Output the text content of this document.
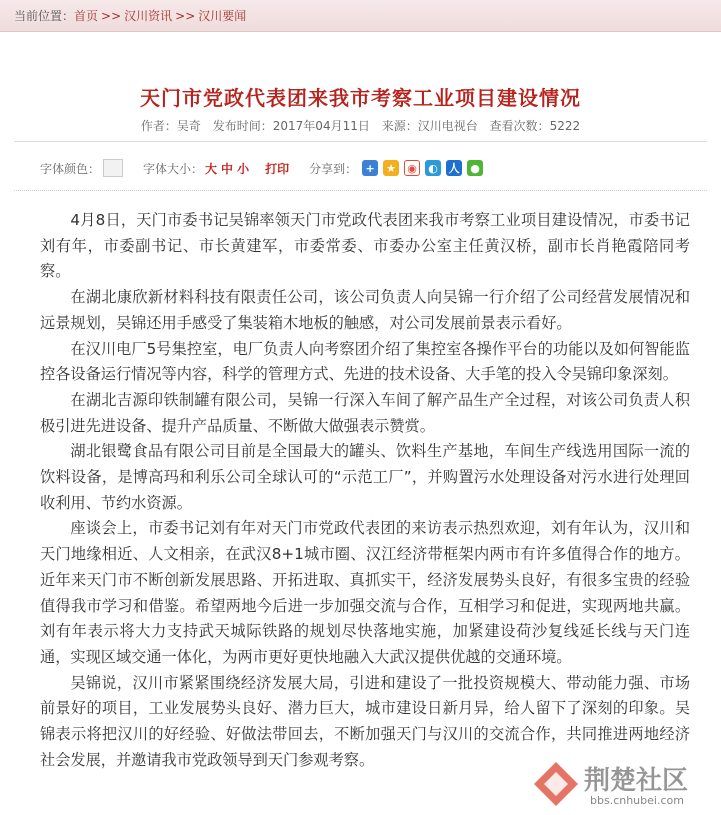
当前位置：首页 >> 汉川资讯 >> 汉川要闻
天门市党政代表团来我市考察工业项目建设情况
作者：吴奇 发布时间：2017年04月11日 来源：汉川电视台 查看次数：5222
字体颜色：	字体大小： 大 中 小 打印 分享到： +	★ ◉ ◐ 人 ●

4月8日，天门市委书记吴锦率领天门市党政代表团来我市考察工业项目建设情况，市委书记刘有年，市委副书记、市长黄建军，市委常委、市委办公室主任黄汉桥，副市长肖艳霞陪同考察。

在湖北康欣新材料科技有限责任公司，该公司负责人向吴锦一行介绍了公司经营发展情况和远景规划，吴锦还用手感受了集装箱木地板的触感，对公司发展前景表示看好。

在汉川电厂5号集控室，电厂负责人向考察团介绍了集控室各操作平台的功能以及如何智能监控各设备运行情况等内容，科学的管理方式、先进的技术设备、大手笔的投入令吴锦印象深刻。

在湖北吉源印铁制罐有限公司，吴锦一行深入车间了解产品生产全过程，对该公司负责人积极引进先进设备、提升产品质量、不断做大做强表示赞赏。

湖北银鹭食品有限公司目前是全国最大的罐头、饮料生产基地，车间生产线选用国际一流的饮料设备，是博高玛和利乐公司全球认可的“示范工厂”，并购置污水处理设备对污水进行处理回收利用、节约水资源。

座谈会上，市委书记刘有年对天门市党政代表团的来访表示热烈欢迎，刘有年认为，汉川和天门地缘相近、人文相亲，在武汉8+1城市圈、汉江经济带框架内两市有许多值得合作的地方。近年来天门市不断创新发展思路、开拓进取、真抓实干，经济发展势头良好，有很多宝贵的经验值得我市学习和借鉴。希望两地今后进一步加强交流与合作，互相学习和促进，实现两地共赢。刘有年表示将大力支持武天城际铁路的规划尽快落地实施，加紧建设荷沙复线延长线与天门连通，实现区域交通一体化，为两市更好更快地融入大武汉提供优越的交通环境。

吴锦说，汉川市紧紧围绕经济发展大局，引进和建设了一批投资规模大、带动能力强、市场前景好的项目，工业发展势头良好、潜力巨大，城市建设日新月异，给人留下了深刻的印象。吴锦表示将把汉川的好经验、好做法带回去，不断加强天门与汉川的交流合作，共同推进两地经济社会发展，并邀请我市党政领导到天门参观考察。

荆楚社区
bbs.cnhubei.com
